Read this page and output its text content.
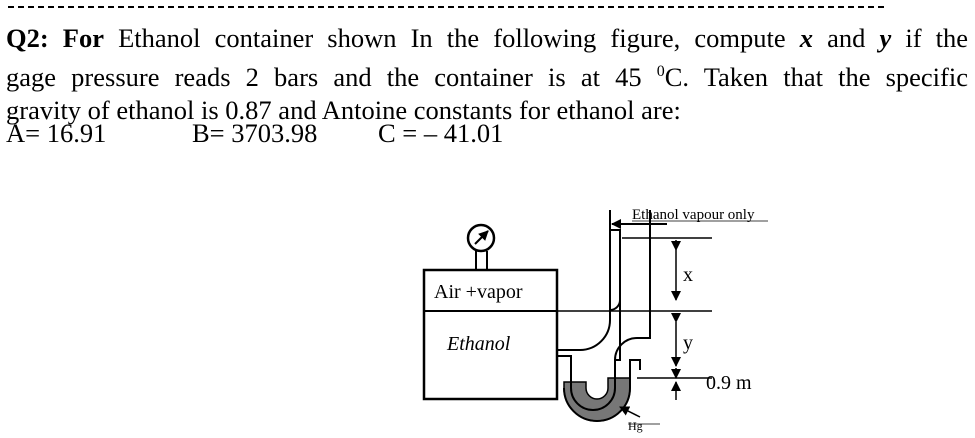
Q2: For Ethanol container shown In the following figure, compute x and y if the

gage pressure reads 2 bars and the container is at 45 $^0$C. Taken that the specific

gravity of ethanol is 0.87 and Antoine constants for ethanol are:

A= 16.91	B= 3703.98 C = – 41.01
Ethanol vapour only
x
y
0.9 m
Air +vapor
Ethanol
Hg
